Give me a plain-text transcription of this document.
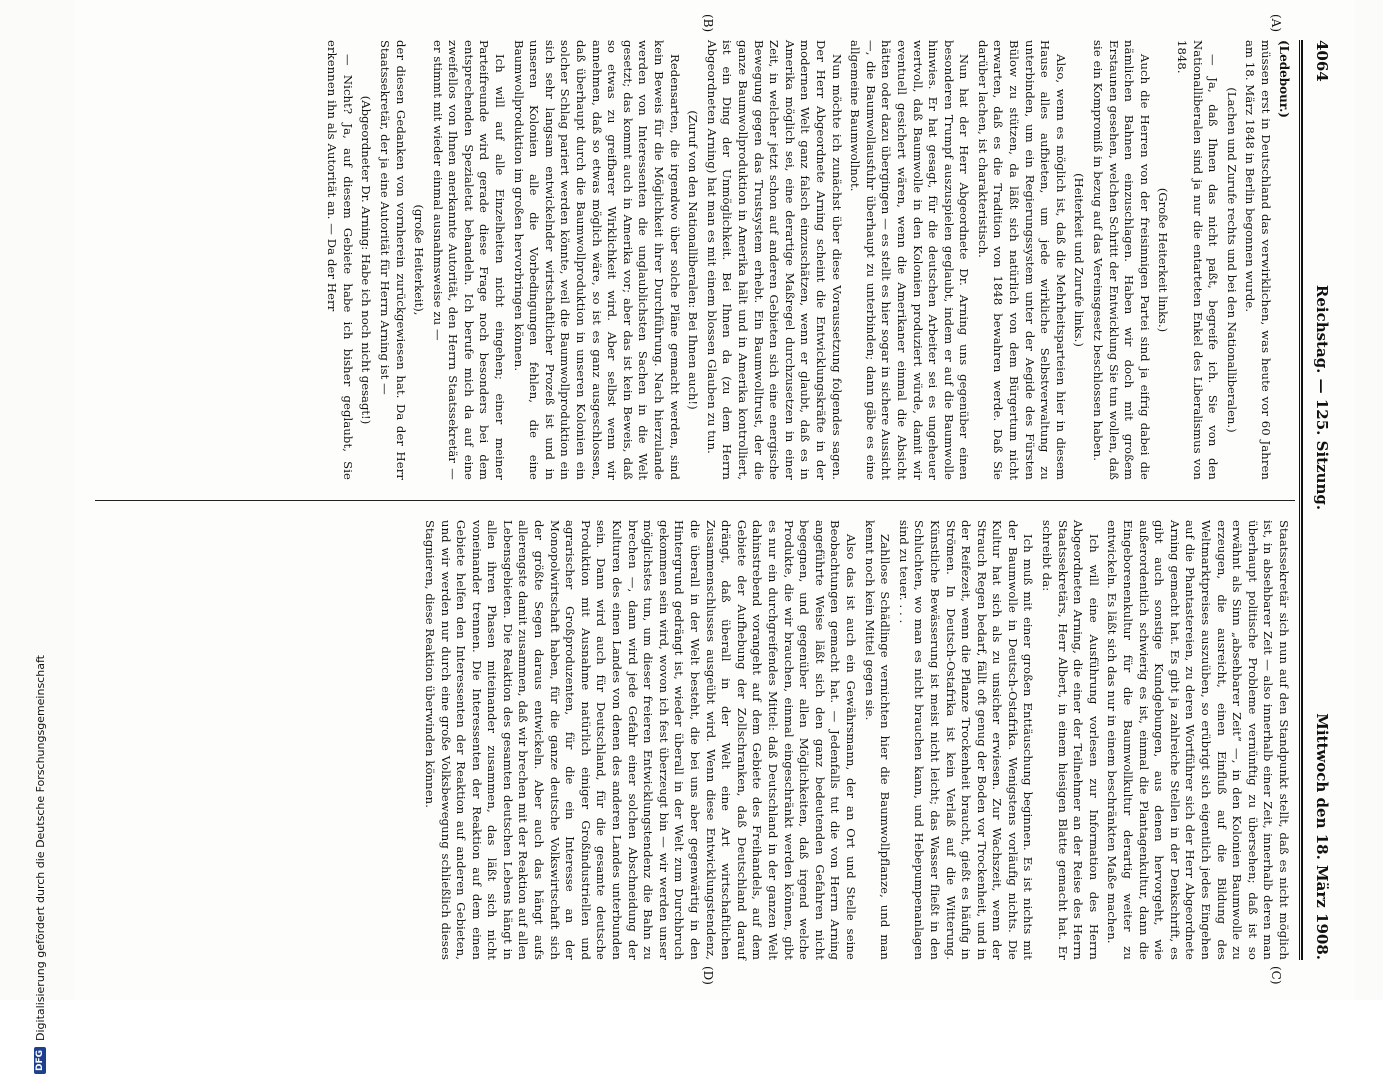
DFG
Digitalisierung gefördert durch die Deutsche Forschungsgemeinschaft
4064
Reichstag. — 125. Sitzung.
Mittwoch den 18. März 1908.
(A)
(B)
(C)
(D)
(Ledebour.)

müssen erst in Deutschland das verwirklichen, was heute vor 60 Jahren am 18. März 1848 in Berlin begonnen wurde.

(Lachen und Zurufe rechts und bei den Nationalliberalen.)

— Ja, daß Ihnen das nicht paßt, begreife ich. Sie von den Nationalliberalen sind ja nur die entarteten Enkel des Liberalismus von 1848.

(Große Heiterkeit links.)

Auch die Herren von der freisinnigen Partei sind ja eifrig dabei die nämlichen Bahnen einzuschlagen. Haben wir doch mit großem Erstaunen gesehen, welchen Schritt der Entwicklung Sie tun wollen, daß sie ein Kompromiß in bezug auf das Vereinsgesetz beschlossen haben.

(Heiterkeit und Zurufe links.)

Also, wenn es möglich ist, daß die Mehrheitsparteien hier in diesem Hause alles aufbieten, um jede wirkliche Selbstverwaltung zu unterbinden, um ein Regierungssystem unter der Aegide des Fürsten Bülow zu stützen, da läßt sich natürlich von dem Bürgertum nicht erwarten, daß es die Tradition von 1848 bewahren werde. Daß Sie darüber lachen, ist charakteristisch.

Nun hat der Herr Abgeordnete Dr. Arning uns gegenüber einen besonderen Trumpf auszuspielen geglaubt, indem er auf die Baumwolle hinwies. Er hat gesagt, für die deutschen Arbeiter sei es ungeheuer wertvoll, daß Baumwolle in den Kolonien produziert würde, damit wir eventuell gesichert wären, wenn die Amerikaner einmal die Absicht hätten oder dazu übergingen — es stellt es hier sogar in sichere Aussicht —, die Baumwollausfuhr überhaupt zu unterbinden; dann gäbe es eine allgemeine Baumwollnot.

Nun möchte ich zunächst über diese Voraussetzung folgendes sagen. Der Herr Abgeordnete Arning scheint die Entwicklungskräfte in der modernen Welt ganz falsch einzuschätzen, wenn er glaubt, daß es in Amerika möglich sei, eine derartige Maßregel durchzusetzen in einer Zeit, in welcher jetzt schon auf anderen Gebieten sich eine energische Bewegung gegen das Trustsystem erhebt. Ein Baumwolltrust, der die ganze Baumwollproduktion in Amerika hält und in Amerika kontrolliert, ist ein Ding der Unmöglichkeit. Bei Ihnen da (zu dem Herrn Abgeordneten Arning) hat man es mit einem blossen Glauben zu tun.

(Zuruf von den Nationalliberalen: Bei Ihnen auch!)

Redensarten, die irgendwo über solche Pläne gemacht werden, sind kein Beweis für die Möglichkeit ihrer Durchführung. Nach hierzulande werden von Interessenten die unglaublichsten Sachen in die Welt gesetzt; das kommt auch in Amerika vor; aber das ist kein Beweis, daß so etwas zu greifbarer Wirklichkeit wird. Aber selbst wenn wir annehmen, daß so etwas möglich wäre, so ist es ganz ausgeschlossen, daß überhaupt durch die Baumwollproduktion in unseren Kolonien ein solcher Schlag pariert werden könnte, weil die Baumwollproduktion ein sich sehr langsam entwickelnder wirtschaftlicher Prozeß ist und in unseren Kolonien alle die Vorbedingungen fehlen, die eine Baumwollproduktion im großen hervorbringen können.

Ich will auf alle Einzelheiten nicht eingehen; einer meiner Parteifreunde wird gerade diese Frage noch besonders bei dem entsprechenden Spezialetat behandeln. Ich berufe mich da auf eine zweifellos von Ihnen anerkannte Autorität, den Herrn Staatssekretär — er stimmt mit wieder einmal ausnahmsweise zu —

(große Heiterkeit),

der diesen Gedanken von vornherein zurückgewiesen hat. Da der Herr Staatssekretär, der ja eine Autorität für Herrn Arning ist —

(Abgeordneter Dr. Arning: Habe ich noch nicht gesagt!)

— Nicht? Ja, auf diesem Gebiete habe ich bisher geglaubt, Sie erkennen ihn als Autorität an. — Da der Herr

Staatssekretär sich nun auf den Standpunkt stellt, daß es nicht möglich ist, in absehbarer Zeit — also innerhalb einer Zeit, innerhalb deren man überhaupt politische Probleme vernünftig zu übersehen; daß ist so erwähnt als Sinn „absehbarer Zeit“ —, in den Kolonien Baumwolle zu erzeugen, die ausreicht, einen Einfluß auf die Bildung des Weltmarktpreises auszuüben, so erübrigt sich eigentlich jedes Eingehen auf die Phantastereien, zu deren Wortführer sich der Herr Abgeordnete Arning gemacht hat. Es gibt ja zahlreiche Stellen in der Denkschrift, es gibt auch sonstige Kundgebungen, aus denen hervorgeht, wie außerordentlich schwierig es ist, einmal die Plantagenkultur, dann die Eingeborenenkultur für die Baumwollkultur derartig weiter zu entwickeln. Es läßt sich das nur in einem beschränkten Maße machen.

Ich will eine Ausführung vorlesen zur Information des Herrn Abgeordneten Arning, die einer der Teilnehmer an der Reise des Herrn Staatssekretärs, Herr Albert, in einem hiesigen Blatte gemacht hat. Er schreibt da:

Ich muß mit einer großen Enttäuschung beginnen. Es ist nichts mit der Baumwolle in Deutsch-Ostafrika. Wenigstens vorläufig nichts. Die Kultur hat sich als zu unsicher erwiesen. Zur Wachszeit, wenn der Strauch Regen bedarf, fällt oft genug der Boden vor Trockenheit, und in der Reifezeit, wenn die Pflanze Trockenheit braucht, gießt es häufig in Strömen. In Deutsch-Ostafrika ist kein Verlaß auf die Witterung. Künstliche Bewässerung ist meist nicht leicht; das Wasser fließt in den Schluchten, wo man es nicht brauchen kann, und Hebepumpenanlagen sind zu teuer. . . .

Zahllose Schädlinge vernichten hier die Baumwollpflanze, und man kennt noch kein Mittel gegen sie.

Also das ist auch ein Gewährsmann, der an Ort und Stelle seine Beobachtungen gemacht hat. — Jedenfalls tut die von Herrn Arning angeführte Weise läßt sich den ganz bedeutenden Gefahren nicht begegnen, und gegenüber allen Möglichkeiten, daß irgend welche Produkte, die wir brauchen, einmal eingeschränkt werden können, gibt es nur ein durchgreifendes Mittel: daß Deutschland in der ganzen Welt dahinstrebend vorangeht auf dem Gebiete des Freihandels, auf dem Gebiete der Aufhebung der Zollschranken, daß Deutschland darauf drängt, daß überall in der Welt eine Art wirtschaftlichen Zusammenschlusses ausgeübt wird. Wenn diese Entwicklungstendenz, die überall in der Welt besteht, die bei uns aber gegenwärtig in den Hintergrund gedrängt ist, wieder überall in der Welt zum Durchbruch gekommen sein wird, wovon ich fest überzeugt bin — wir werden unser möglichstes tun, um dieser freieren Entwicklungstendenz die Bahn zu brechen —, dann wird jede Gefahr einer solchen Abschneidung der Kulturen des einen Landes von denen des anderen Landes unterbunden sein. Dann wird auch für Deutschland, für die gesamte deutsche Produktion mit Ausnahme natürlich einiger Großindustriellen und agrarischer Großproduzenten, für die ein Interesse an der Monopolwirtschaft haben, für die ganze deutsche Volkswirtschaft sich der größte Segen daraus entwickeln. Aber auch das hängt aufs allerengste damit zusammen, daß wir brechen mit der Reaktion auf allen Lebensgebieten. Die Reaktion des gesamten deutschen Lebens hängt in allen ihren Phasen miteinander zusammen, das läßt sich nicht voneinander trennen. Die Interessenten der Reaktion auf dem einen Gebiete helfen den Interessenten der Reaktion auf anderen Gebieten, und wir werden nur durch eine große Volksbewegung schließlich dieses Stagnieren, diese Reaktion überwinden können.
